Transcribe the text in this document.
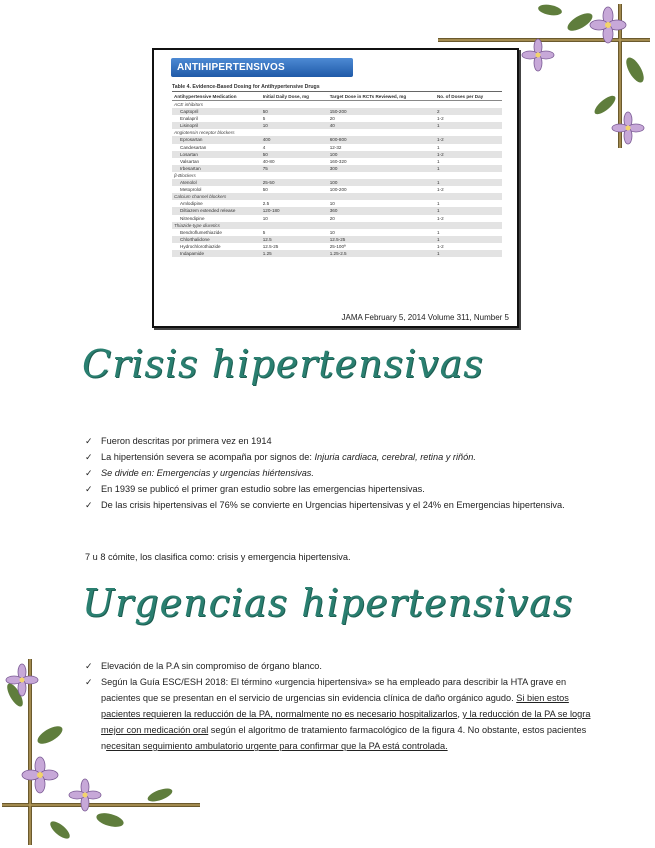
ANTIHIPERTENSIVOS
Table 4. Evidence-Based Dosing for Antihypertensive Drugs
Antihypertensive Medication	Initial Daily Dose, mg	Target Dose in RCTs Reviewed, mg	No. of Doses per Day
ACE inhibitors			
Captopril	50	150-200	2
Enalapril	5	20	1-2
Lisinopril	10	40	1
Angiotensin receptor blockers			
Eprosartan	400	600-800	1-2
Candesartan	4	12-32	1
Losartan	50	100	1-2
Valsartan	40-80	160-320	1
Irbesartan	75	300	1
β-Blockers			
Atenolol	25-50	100	1
Metoprolol	50	100-200	1-2
Calcium channel blockers			
Amlodipine	2.5	10	1
Diltiazem extended release	120-180	360	1
Nitrendipine	10	20	1-2
Thiazide-type diuretics			
Bendroflumethiazide	5	10	1
Chlorthalidone	12.5	12.5-25	1
Hydrochlorothiazide	12.5-25	25-100ª	1-2
Indapamide	1.25	1.25-2.5	1
JAMA February 5, 2014 Volume 311, Number 5
Crisis hipertensivas
✓ Fueron descritas por primera vez en 1914
✓ La hipertensión severa se acompaña por signos de: Injuria cardiaca, cerebral, retina y riñón.
✓ Se divide en: Emergencias y urgencias hiértensivas.
✓ En 1939 se publicó el primer gran estudio sobre las emergencias hipertensivas.
✓ De las crisis hipertensivas el 76% se convierte en Urgencias hipertensivas y el 24% en Emergencias hipertensiva.
7 u 8 cómite, los clasifica como: crisis y emergencia hipertensiva.
Urgencias hipertensivas
✓ Elevación de la P.A sin compromiso de órgano blanco.
✓ Según la Guía ESC/ESH 2018: El término «urgencia hipertensiva» se ha empleado para describir la HTA grave en pacientes que se presentan en el servicio de urgencias sin evidencia clínica de daño orgánico agudo. Si bien estos pacientes requieren la reducción de la PA, normalmente no es necesario hospitalizarlos, y la reducción de la PA se logra mejor con medicación oral según el algoritmo de tratamiento farmacológico de la figura 4. No obstante, estos pacientes necesitan seguimiento ambulatorio urgente para confirmar que la PA está controlada.
